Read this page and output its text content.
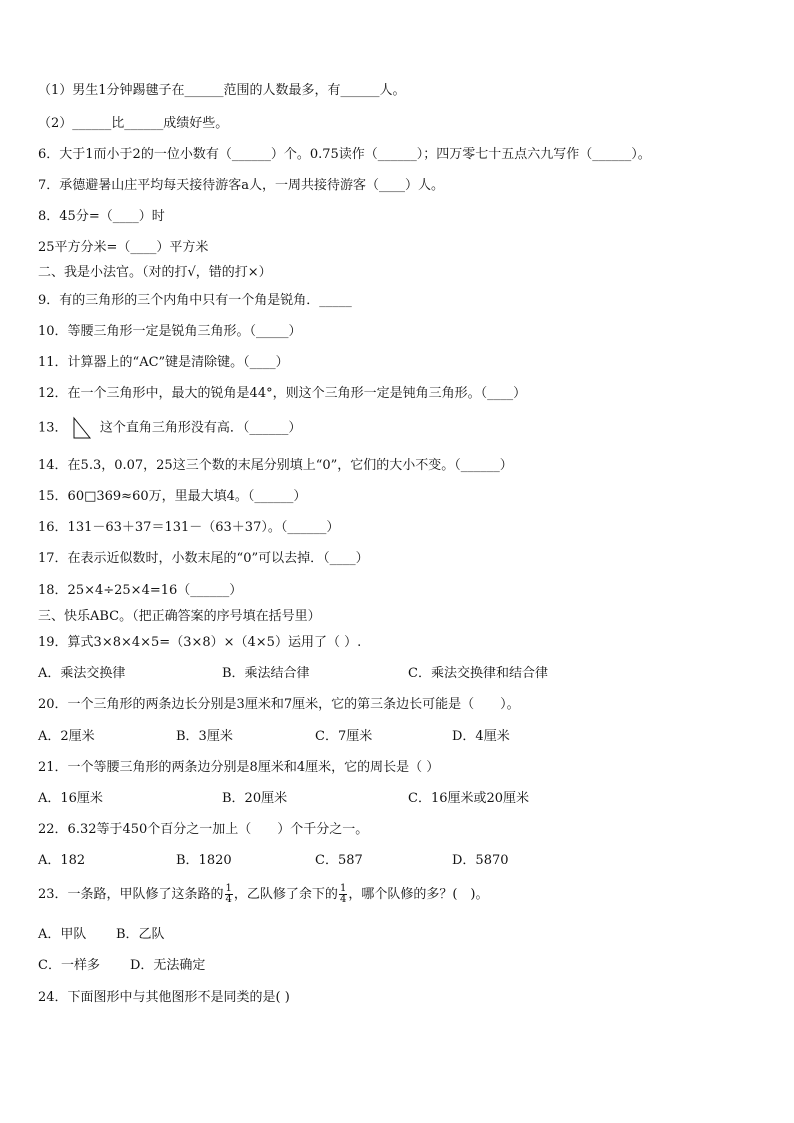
（1）男生1分钟踢毽子在______范围的人数最多，有______人。
（2）______比______成绩好些。
6．大于1而小于2的一位小数有（______）个。0.75读作（______）；四万零七十五点六九写作（______）。
7．承德避暑山庄平均每天接待游客a人，一周共接待游客（____）人。
8．45分=（____）时
25平方分米=（____）平方米
二、我是小法官。（对的打√，错的打×）
9．有的三角形的三个内角中只有一个角是锐角．_____
10．等腰三角形一定是锐角三角形。（_____）
11．计算器上的“AC”键是清除键。（____）
12．在一个三角形中，最大的锐角是44°，则这个三角形一定是钝角三角形。（____）
13． 这个直角三角形没有高．（______）
14．在5.3，0.07，25这三个数的末尾分别填上“0”，它们的大小不变。（______）
15．60□369≈60万，里最大填4。（______）
16．131－63＋37＝131－（63＋37）。（______）
17．在表示近似数时，小数末尾的“0”可以去掉．（____）
18．25×4÷25×4=16（______）
三、快乐ABC。（把正确答案的序号填在括号里）
19．算式3×8×4×5=（3×8）×（4×5）运用了（ ）.
A．乘法交换律	B．乘法结合律	C．乘法交换律和结合律
20．一个三角形的两条边长分别是3厘米和7厘米，它的第三条边长可能是（　　）。
A．2厘米	B．3厘米	C．7厘米	D．4厘米
21．一个等腰三角形的两条边分别是8厘米和4厘米，它的周长是（ ）
A．16厘米	B．20厘米	C．16厘米或20厘米
22．6.32等于450个百分之一加上（　　）个千分之一。
A．182	B．1820	C．587	D．5870
23．一条路，甲队修了这条路的 $\frac{1}{4}$ ，乙队修了余下的 $\frac{1}{4}$ ，哪个队修的多？(　)。
A．甲队 B．乙队
C．一样多 D．无法确定
24．下面图形中与其他图形不是同类的是( )
